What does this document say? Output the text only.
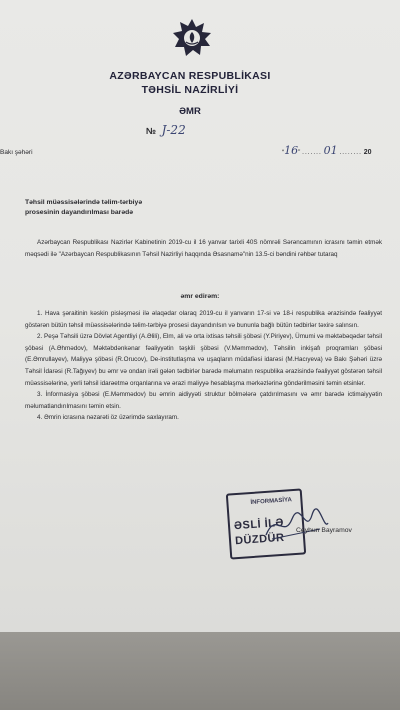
AZƏRBAYCAN RESPUBLİKASI
TƏHSİL NAZİRLİYİ
ƏMR
№ J-22
Bakı şəhəri	“16” ....... 01 ........ 20
Təhsil müəssisələrində təlim-tərbiyə
prosesinin dayandırılması barədə
Azərbaycan Respublikası Nazirlər Kabinetinin 2019-cu il 16 yanvar tarixli 40S nömrəli Sərəncamının icrasını təmin etmək məqsədi ilə "Azərbaycan Respublikasının Təhsil Nazirliyi haqqında Əsasnamə"nin 13.5-ci bəndini rəhbər tutaraq
əmr edirəm:
1. Hava şəraitinin kəskin pisləşməsi ilə əlaqədar olaraq 2019-cu il yanvarın 17-si və 18-i respublika ərazisində fəaliyyət göstərən bütün təhsil müəssisələrində təlim-tərbiyə prosesi dayandırılsın və bununla bağlı bütün tədbirlər təxirə salınsın.
2. Peşə Təhsili üzrə Dövlət Agentliyi (A.Əlili), Elm, ali və orta ixtisas təhsili şöbəsi (Y.Piriyev), Ümumi və məktəbəqədər təhsil şöbəsi (A.Əhmədov), Məktəbdənkənar fəaliyyətin təşkili şöbəsi (V.Məmmədov), Təhsilin inkişafı proqramları şöbəsi (E.Əmrullayev), Maliyyə şöbəsi (R.Orucov), De-institutlaşma və uşaqların müdafiəsi idarəsi (M.Hacıyeva) və Bakı Şəhəri üzrə Təhsil İdarəsi (R.Tağıyev) bu əmr və ondan irəli gələn tədbirlər barədə məlumatın respublika ərazisində fəaliyyət göstərən təhsil müəssisələrinə, yerli təhsil idarəetmə orqanlarına və ərazi maliyyə hesablaşma mərkəzlərinə göndərilməsini təmin etsinlər.
3. İnformasiya şöbəsi (E.Məmmədov) bu əmrin aidiyyəti struktur bölmələrə çatdırılmasını və əmr barədə ictimaiyyətin məlumatlandırılmasını təmin etsin.
4. Əmrin icrasına nəzarəti öz üzərimdə saxlayıram.
İNFORMASİYA
ƏSLİ İLƏ
DÜZDÜR
Ceyhun Bayramov
